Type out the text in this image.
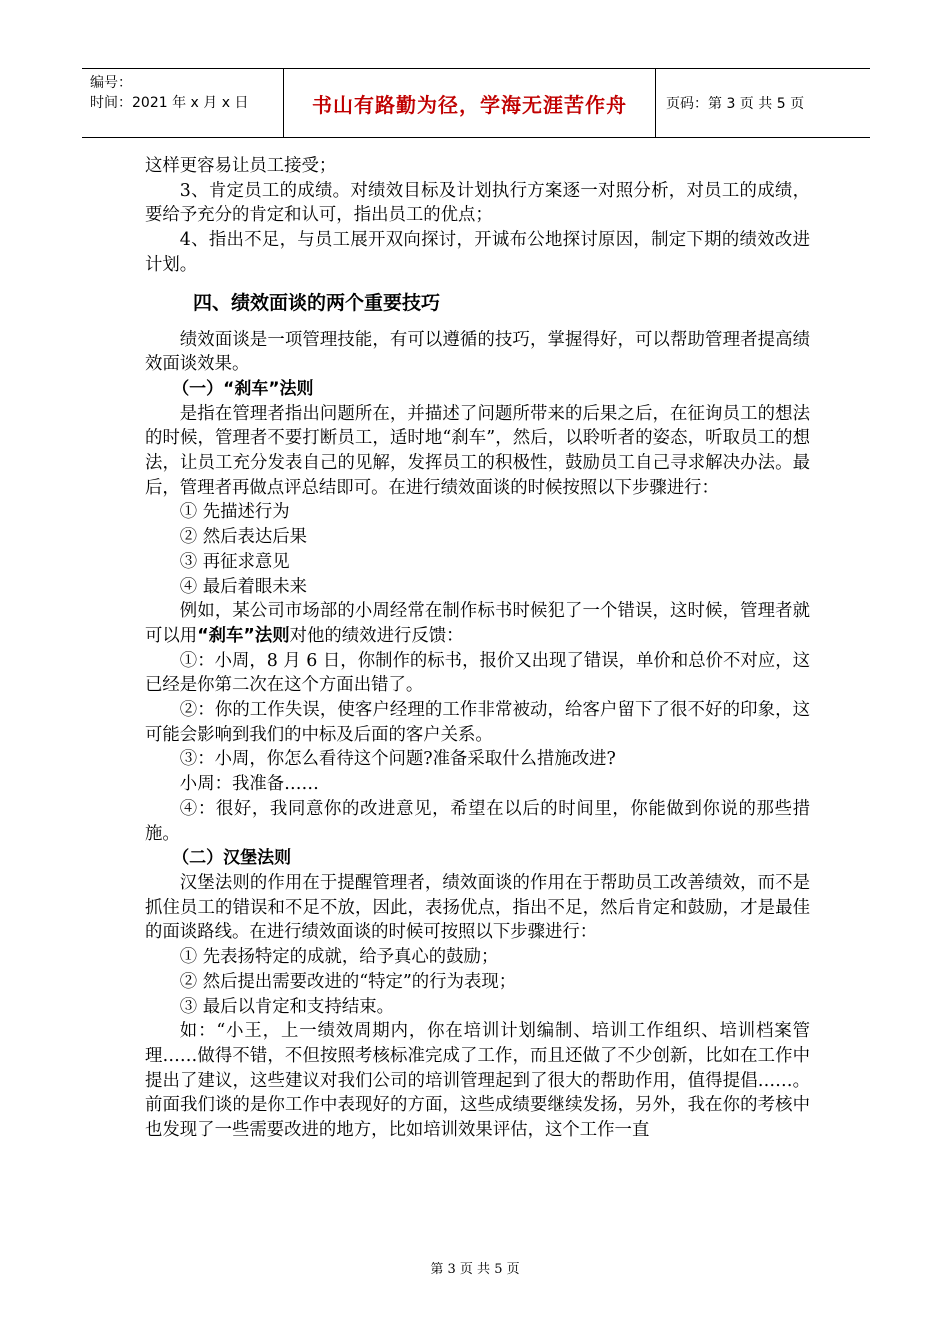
编号：
时间：2021 年 x 月 x 日	书山有路勤为径，学海无涯苦作舟	页码：第 3 页 共 5 页

这样更容易让员工接受；

3、肯定员工的成绩。对绩效目标及计划执行方案逐一对照分析，对员工的成绩，要给予充分的肯定和认可，指出员工的优点；

4、指出不足，与员工展开双向探讨，开诚布公地探讨原因，制定下期的绩效改进计划。

四、绩效面谈的两个重要技巧

绩效面谈是一项管理技能，有可以遵循的技巧，掌握得好，可以帮助管理者提高绩效面谈效果。

（一）“刹车”法则

是指在管理者指出问题所在，并描述了问题所带来的后果之后，在征询员工的想法的时候，管理者不要打断员工，适时地“刹车”，然后，以聆听者的姿态，听取员工的想法，让员工充分发表自己的见解，发挥员工的积极性，鼓励员工自己寻求解决办法。最后，管理者再做点评总结即可。在进行绩效面谈的时候按照以下步骤进行：

① 先描述行为

② 然后表达后果

③ 再征求意见

④ 最后着眼未来

例如，某公司市场部的小周经常在制作标书时候犯了一个错误，这时候，管理者就可以用“刹车”法则对他的绩效进行反馈：

①：小周，8 月 6 日，你制作的标书，报价又出现了错误，单价和总价不对应，这已经是你第二次在这个方面出错了。

②：你的工作失误，使客户经理的工作非常被动，给客户留下了很不好的印象，这可能会影响到我们的中标及后面的客户关系。

③：小周，你怎么看待这个问题?准备采取什么措施改进?

小周：我准备……

④：很好，我同意你的改进意见，希望在以后的时间里，你能做到你说的那些措施。

（二）汉堡法则

汉堡法则的作用在于提醒管理者，绩效面谈的作用在于帮助员工改善绩效，而不是抓住员工的错误和不足不放，因此，表扬优点，指出不足，然后肯定和鼓励，才是最佳的面谈路线。在进行绩效面谈的时候可按照以下步骤进行：

① 先表扬特定的成就，给予真心的鼓励；

② 然后提出需要改进的“特定”的行为表现；

③ 最后以肯定和支持结束。

如：“小王，上一绩效周期内，你在培训计划编制、培训工作组织、培训档案管理……做得不错，不但按照考核标准完成了工作，而且还做了不少创新，比如在工作中提出了建议，这些建议对我们公司的培训管理起到了很大的帮助作用，值得提倡……。前面我们谈的是你工作中表现好的方面，这些成绩要继续发扬，另外，我在你的考核中也发现了一些需要改进的地方，比如培训效果评估，这个工作一直

第 3 页 共 5 页
